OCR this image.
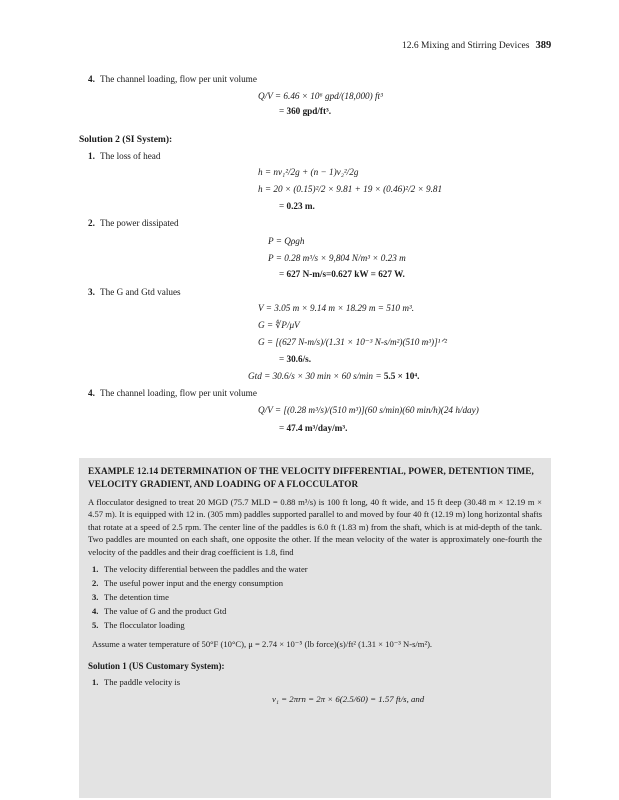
12.6 Mixing and Stirring Devices 389
4. The channel loading, flow per unit volume
Q/V = 6.46 × 10⁶ gpd/(18,000) ft³
= 360 gpd/ft³.
Solution 2 (SI System):
1. The loss of head
h = nv₁²/2g + (n − 1)v₂²/2g
h = 20 × (0.15)²/2 × 9.81 + 19 × (0.46)²/2 × 9.81
= 0.23 m.
2. The power dissipated
P = Qρgh
P = 0.28 m³/s × 9,804 N/m³ × 0.23 m
= 627 N-m/s=0.627 kW = 627 W.
3. The G and Gtd values
V = 3.05 m × 9.14 m × 18.29 m = 510 m³.
G = ∜P/μV
G = [(627 N-m/s)/(1.31 × 10⁻³ N-s/m²)(510 m³)]¹ᐟ²
= 30.6/s.
Gtd = 30.6/s × 30 min × 60 s/min = 5.5 × 10⁴.
4. The channel loading, flow per unit volume
Q/V = [(0.28 m³/s)/(510 m³)](60 s/min)(60 min/h)(24 h/day)
= 47.4 m³/day/m³.
EXAMPLE 12.14 DETERMINATION OF THE VELOCITY DIFFERENTIAL, POWER, DETENTION TIME,
VELOCITY GRADIENT, AND LOADING OF A FLOCCULATOR
A flocculator designed to treat 20 MGD (75.7 MLD = 0.88 m³/s) is 100 ft long, 40 ft wide, and 15 ft deep (30.48 m × 12.19 m × 4.57 m). It is equipped with 12 in. (305 mm) paddles supported parallel to and moved by four 40 ft (12.19 m) long horizontal shafts that rotate at a speed of 2.5 rpm. The center line of the paddles is 6.0 ft (1.83 m) from the shaft, which is at mid-depth of the tank. Two paddles are mounted on each shaft, one opposite the other. If the mean velocity of the water is approximately one-fourth the velocity of the paddles and their drag coefficient is 1.8, find
1. The velocity differential between the paddles and the water
2. The useful power input and the energy consumption
3. The detention time
4. The value of G and the product Gtd
5. The flocculator loading
Assume a water temperature of 50°F (10°C), μ = 2.74 × 10⁻⁵ (lb force)(s)/ft² (1.31 × 10⁻³ N-s/m²).
Solution 1 (US Customary System):
1. The paddle velocity is
v₁ = 2πrn = 2π × 6(2.5/60) = 1.57 ft/s, and
